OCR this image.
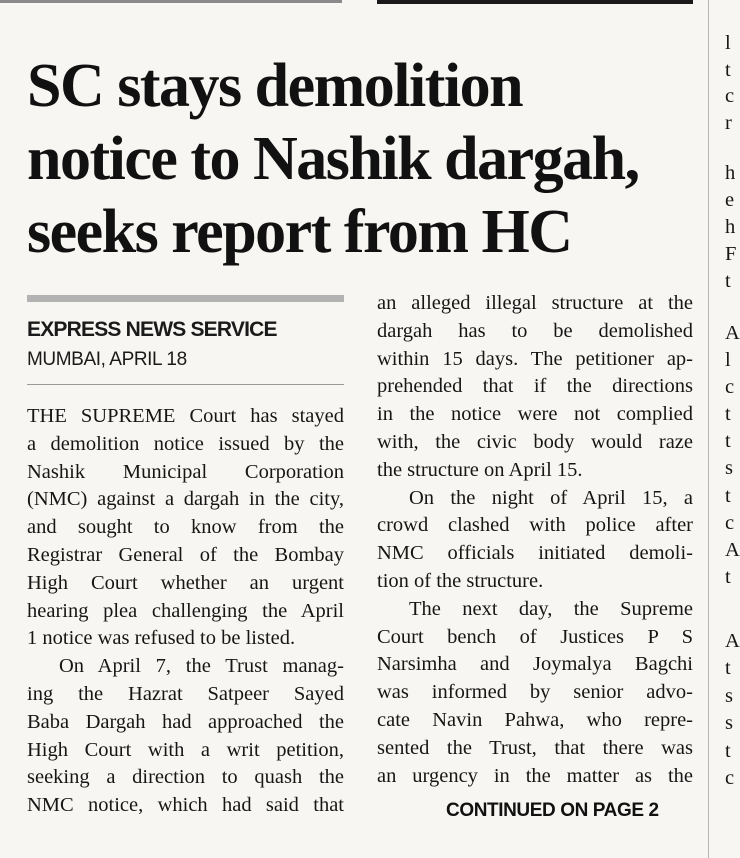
SC stays demolition
notice to Nashik dargah,
seeks report from HC

EXPRESS NEWS SERVICE

MUMBAI, APRIL 18

THE SUPREME Court has stayed
a demolition notice issued by the
Nashik Municipal Corporation
(NMC) against a dargah in the city,
and sought to know from the
Registrar General of the Bombay
High Court whether an urgent
hearing plea challenging the April
1 notice was refused to be listed.
On April 7, the Trust manag-
ing the Hazrat Satpeer Sayed
Baba Dargah had approached the
High Court with a writ petition,
seeking a direction to quash the
NMC notice, which had said that
an alleged illegal structure at the
dargah has to be demolished
within 15 days. The petitioner ap-
prehended that if the directions
in the notice were not complied
with, the civic body would raze
the structure on April 15.
On the night of April 15, a
crowd clashed with police after
NMC officials initiated demoli-
tion of the structure.
The next day, the Supreme
Court bench of Justices P S
Narsimha and Joymalya Bagchi
was informed by senior advo-
cate Navin Pahwa, who repre-
sented the Trust, that there was
an urgency in the matter as the

CONTINUED ON PAGE 2

l
t
c
r
h
e
h
F
t
A
l
c
t
t
s
t
c
A
t
A
t
s
s
t
c
